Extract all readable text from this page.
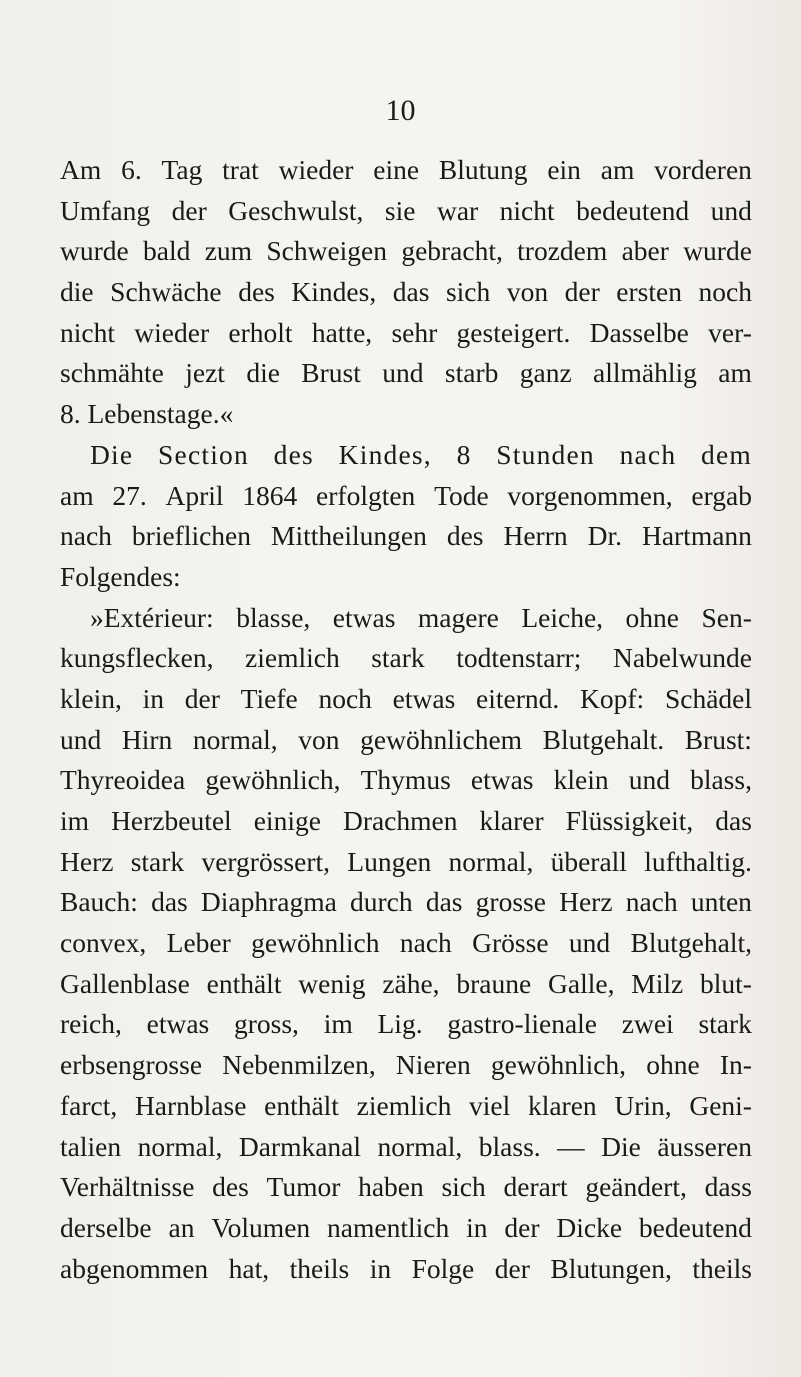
10
Am 6. Tag trat wieder eine Blutung ein am vorderen
Umfang der Geschwulst, sie war nicht bedeutend und
wurde bald zum Schweigen gebracht, trozdem aber wurde
die Schwäche des Kindes, das sich von der ersten noch
nicht wieder erholt hatte, sehr gesteigert. Dasselbe ver-
schmähte jezt die Brust und starb ganz allmählig am
8. Lebenstage.«
Die Section des Kindes, 8 Stunden nach dem
am 27. April 1864 erfolgten Tode vorgenommen, ergab
nach brieflichen Mittheilungen des Herrn Dr. Hartmann
Folgendes:
»Extérieur: blasse, etwas magere Leiche, ohne Sen-
kungsflecken, ziemlich stark todtenstarr; Nabelwunde
klein, in der Tiefe noch etwas eiternd. Kopf: Schädel
und Hirn normal, von gewöhnlichem Blutgehalt. Brust:
Thyreoidea gewöhnlich, Thymus etwas klein und blass,
im Herzbeutel einige Drachmen klarer Flüssigkeit, das
Herz stark vergrössert, Lungen normal, überall lufthaltig.
Bauch: das Diaphragma durch das grosse Herz nach unten
convex, Leber gewöhnlich nach Grösse und Blutgehalt,
Gallenblase enthält wenig zähe, braune Galle, Milz blut-
reich, etwas gross, im Lig. gastro-lienale zwei stark
erbsengrosse Nebenmilzen, Nieren gewöhnlich, ohne In-
farct, Harnblase enthält ziemlich viel klaren Urin, Geni-
talien normal, Darmkanal normal, blass. — Die äusseren
Verhältnisse des Tumor haben sich derart geändert, dass
derselbe an Volumen namentlich in der Dicke bedeutend
abgenommen hat, theils in Folge der Blutungen, theils
